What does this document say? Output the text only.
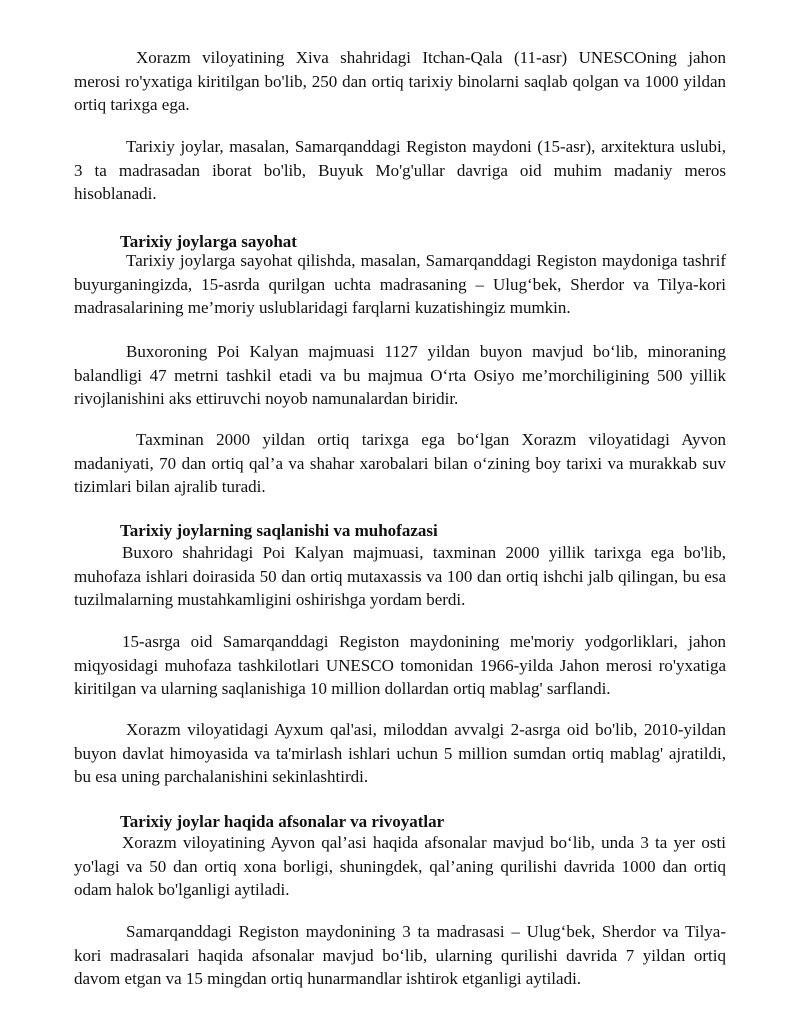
Xorazm viloyatining Xiva shahridagi Itchan-Qala (11-asr) UNESCOning jahon merosi ro'yxatiga kiritilgan bo'lib, 250 dan ortiq tarixiy binolarni saqlab qolgan va 1000 yildan ortiq tarixga ega.

Tarixiy joylar, masalan, Samarqanddagi Registon maydoni (15-asr), arxitektura uslubi, 3 ta madrasadan iborat bo'lib, Buyuk Mo'g'ullar davriga oid muhim madaniy meros hisoblanadi.

Tarixiy joylarga sayohat

Tarixiy joylarga sayohat qilishda, masalan, Samarqanddagi Registon maydoniga tashrif buyurganingizda, 15-asrda qurilgan uchta madrasaning – Ulug‘bek, Sherdor va Tilya-kori madrasalarining me’moriy uslublaridagi farqlarni kuzatishingiz mumkin.

Buxoroning Poi Kalyan majmuasi 1127 yildan buyon mavjud bo‘lib, minoraning balandligi 47 metrni tashkil etadi va bu majmua O‘rta Osiyo me’morchiligining 500 yillik rivojlanishini aks ettiruvchi noyob namunalardan biridir.

Taxminan 2000 yildan ortiq tarixga ega bo‘lgan Xorazm viloyatidagi Ayvon madaniyati, 70 dan ortiq qal’a va shahar xarobalari bilan o‘zining boy tarixi va murakkab suv tizimlari bilan ajralib turadi.

Tarixiy joylarning saqlanishi va muhofazasi

Buxoro shahridagi Poi Kalyan majmuasi, taxminan 2000 yillik tarixga ega bo'lib, muhofaza ishlari doirasida 50 dan ortiq mutaxassis va 100 dan ortiq ishchi jalb qilingan, bu esa tuzilmalarning mustahkamligini oshirishga yordam berdi.

15-asrga oid Samarqanddagi Registon maydonining me'moriy yodgorliklari, jahon miqyosidagi muhofaza tashkilotlari UNESCO tomonidan 1966-yilda Jahon merosi ro'yxatiga kiritilgan va ularning saqlanishiga 10 million dollardan ortiq mablag' sarflandi.

Xorazm viloyatidagi Ayxum qal'asi, miloddan avvalgi 2-asrga oid bo'lib, 2010-yildan buyon davlat himoyasida va ta'mirlash ishlari uchun 5 million sumdan ortiq mablag' ajratildi, bu esa uning parchalanishini sekinlashtirdi.

Tarixiy joylar haqida afsonalar va rivoyatlar

Xorazm viloyatining Ayvon qal’asi haqida afsonalar mavjud bo‘lib, unda 3 ta yer osti yo'lagi va 50 dan ortiq xona borligi, shuningdek, qal’aning qurilishi davrida 1000 dan ortiq odam halok bo'lganligi aytiladi.

Samarqanddagi Registon maydonining 3 ta madrasasi – Ulug‘bek, Sherdor va Tilya-kori madrasalari haqida afsonalar mavjud bo‘lib, ularning qurilishi davrida 7 yildan ortiq davom etgan va 15 mingdan ortiq hunarmandlar ishtirok etganligi aytiladi.
